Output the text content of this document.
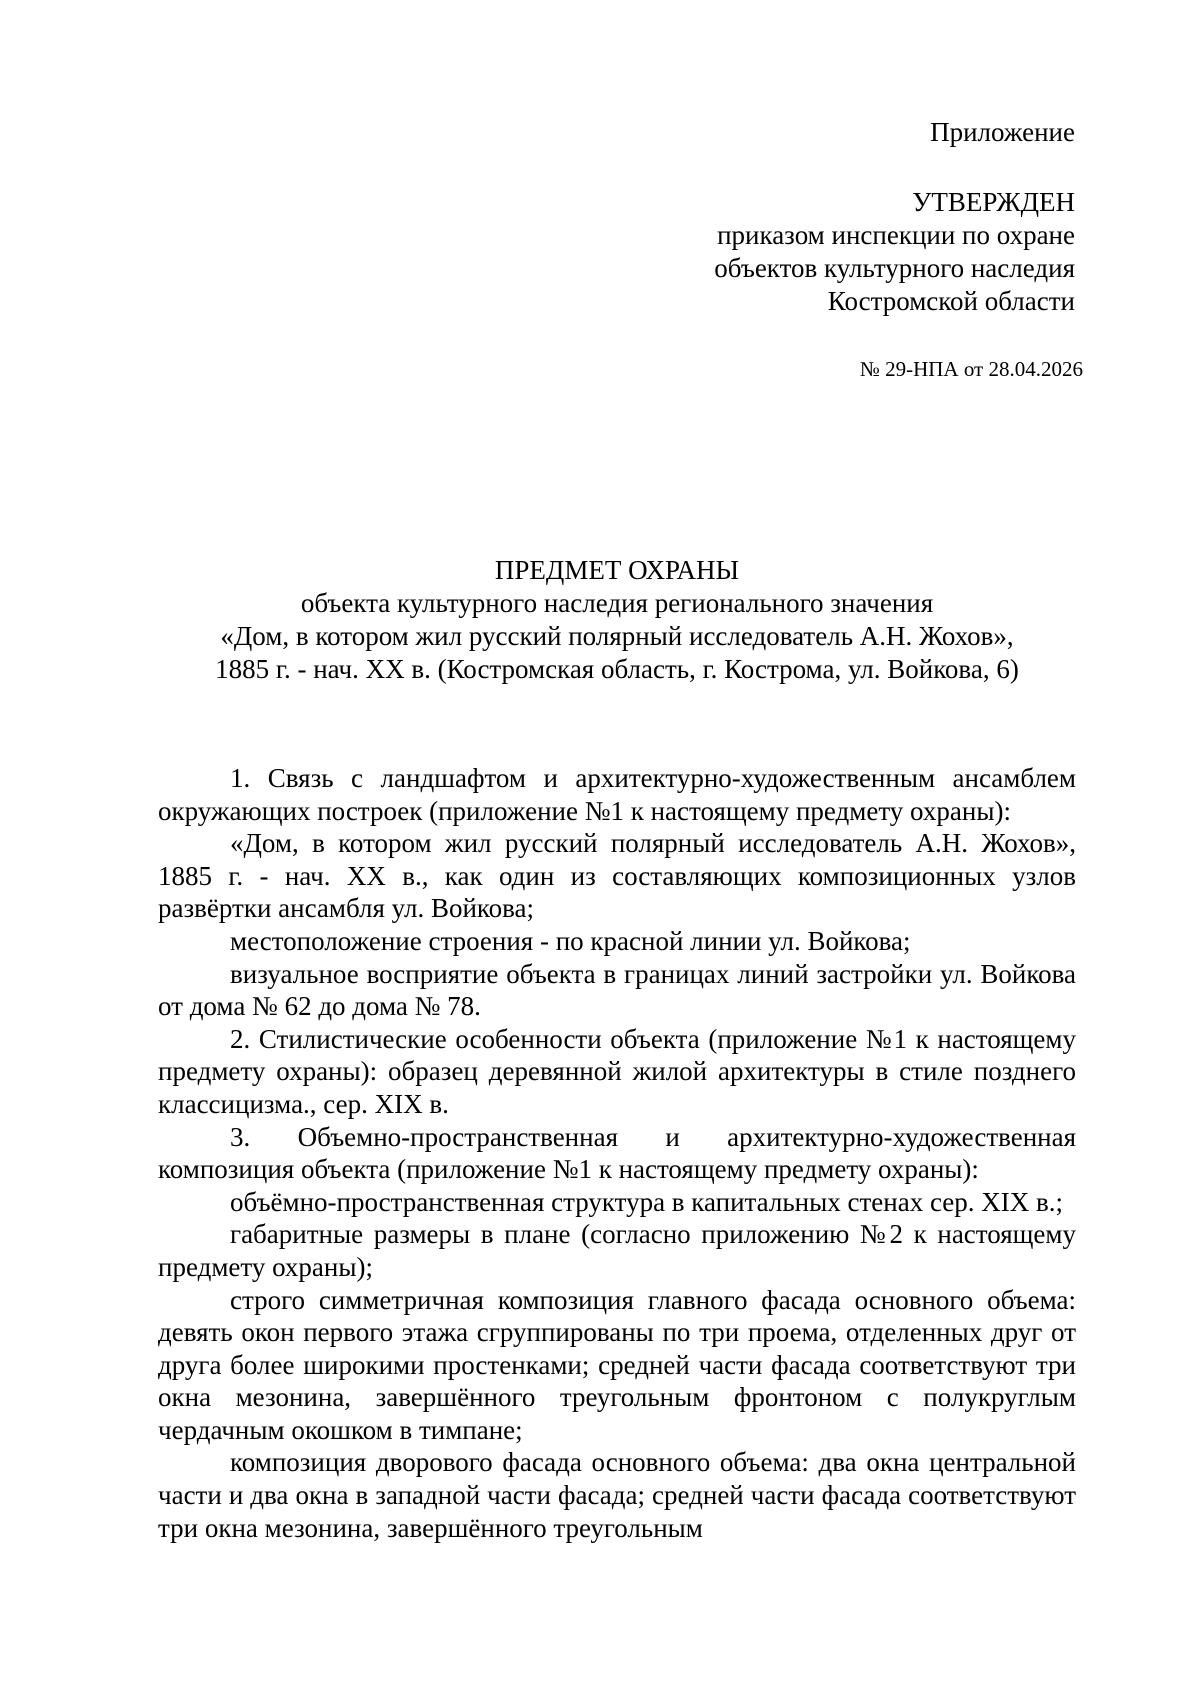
Приложение
УТВЕРЖДЕН
приказом инспекции по охране
объектов культурного наследия
Костромской области
№ 29-НПА от 28.04.2026
ПРЕДМЕТ ОХРАНЫ
объекта культурного наследия регионального значения
«Дом, в котором жил русский полярный исследователь А.Н. Жохов»,
1885 г. - нач. XX в. (Костромская область, г. Кострома, ул. Войкова, 6)

1. Связь с ландшафтом и архитектурно-художественным ансамблем окружающих построек (приложение №1 к настоящему предмету охраны):

«Дом, в котором жил русский полярный исследователь А.Н. Жохов», 1885 г. - нач. XX в., как один из составляющих композиционных узлов развёртки ансамбля ул. Войкова;

местоположение строения - по красной линии ул. Войкова;

визуальное восприятие объекта в границах линий застройки ул. Войкова от дома № 62 до дома № 78.

2. Стилистические особенности объекта (приложение №1 к настоящему предмету охраны): образец деревянной жилой архитектуры в стиле позднего классицизма., сер. XIX в.

3. Объемно-пространственная и архитектурно-художественная композиция объекта (приложение №1 к настоящему предмету охраны):

объёмно-пространственная структура в капитальных стенах сер. XIX в.;

габаритные размеры в плане (согласно приложению №2 к настоящему предмету охраны);

строго симметричная композиция главного фасада основного объема: девять окон первого этажа сгруппированы по три проема, отделенных друг от друга более широкими простенками; средней части фасада соответствуют три окна мезонина, завершённого треугольным фронтоном с полукруглым чердачным окошком в тимпане;

композиция дворового фасада основного объема: два окна центральной части и два окна в западной части фасада; средней части фасада соответствуют три окна мезонина, завершённого треугольным
